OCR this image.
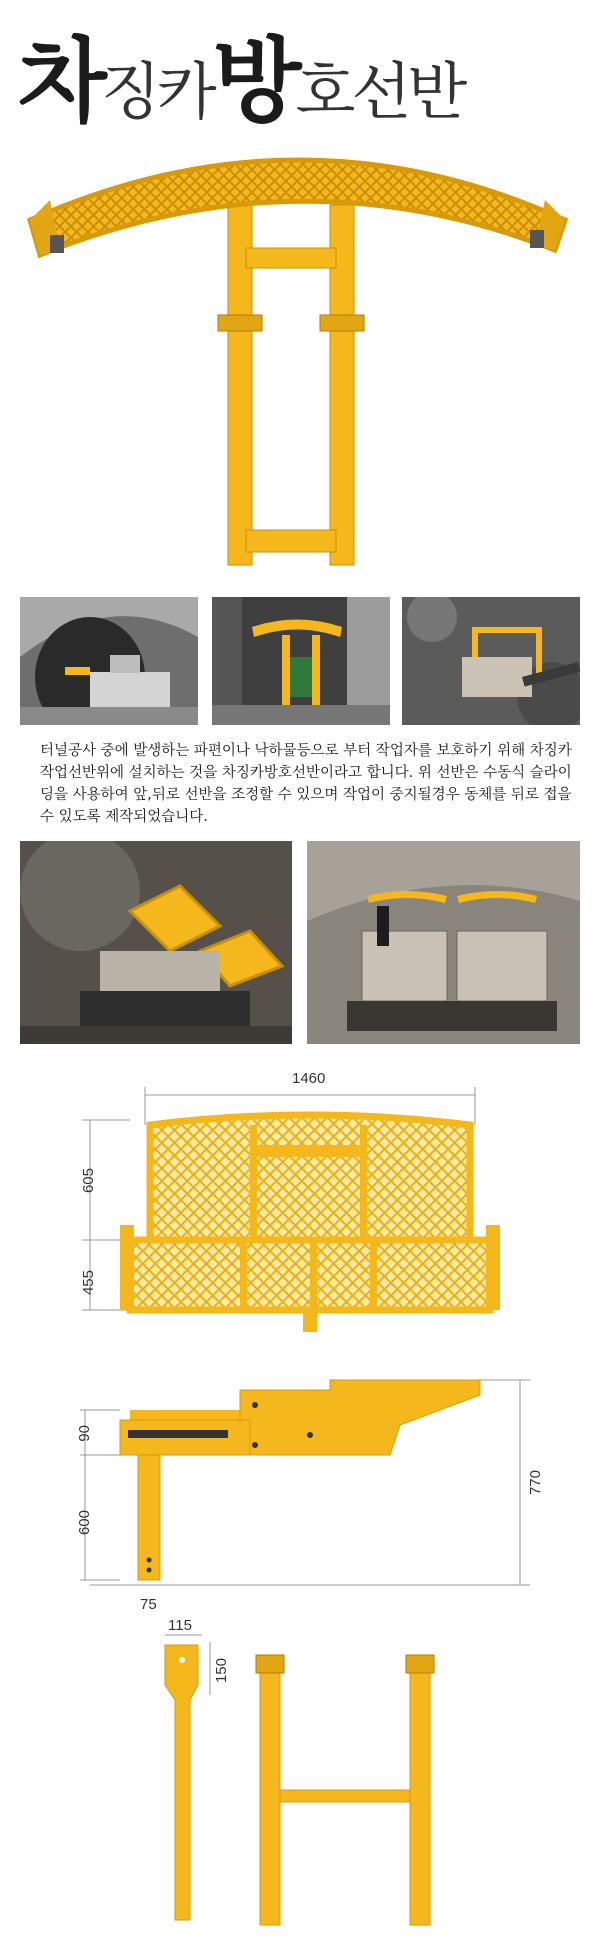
차징카방호선반
터널공사 중에 발생하는 파편이나 낙하물등으로 부터 작업자를 보호하기 위해 차징카 작업선반위에 설치하는 것을 차징카방호선반이라고 합니다. 위 선반은 수동식 슬라이딩을 사용하여 앞,뒤로 선반을 조정할 수 있으며 작업이 중지될경우 동체를 뒤로 접을 수 있도록 제작되었습니다.
1460
605
455
90
600
770
75
115
150
